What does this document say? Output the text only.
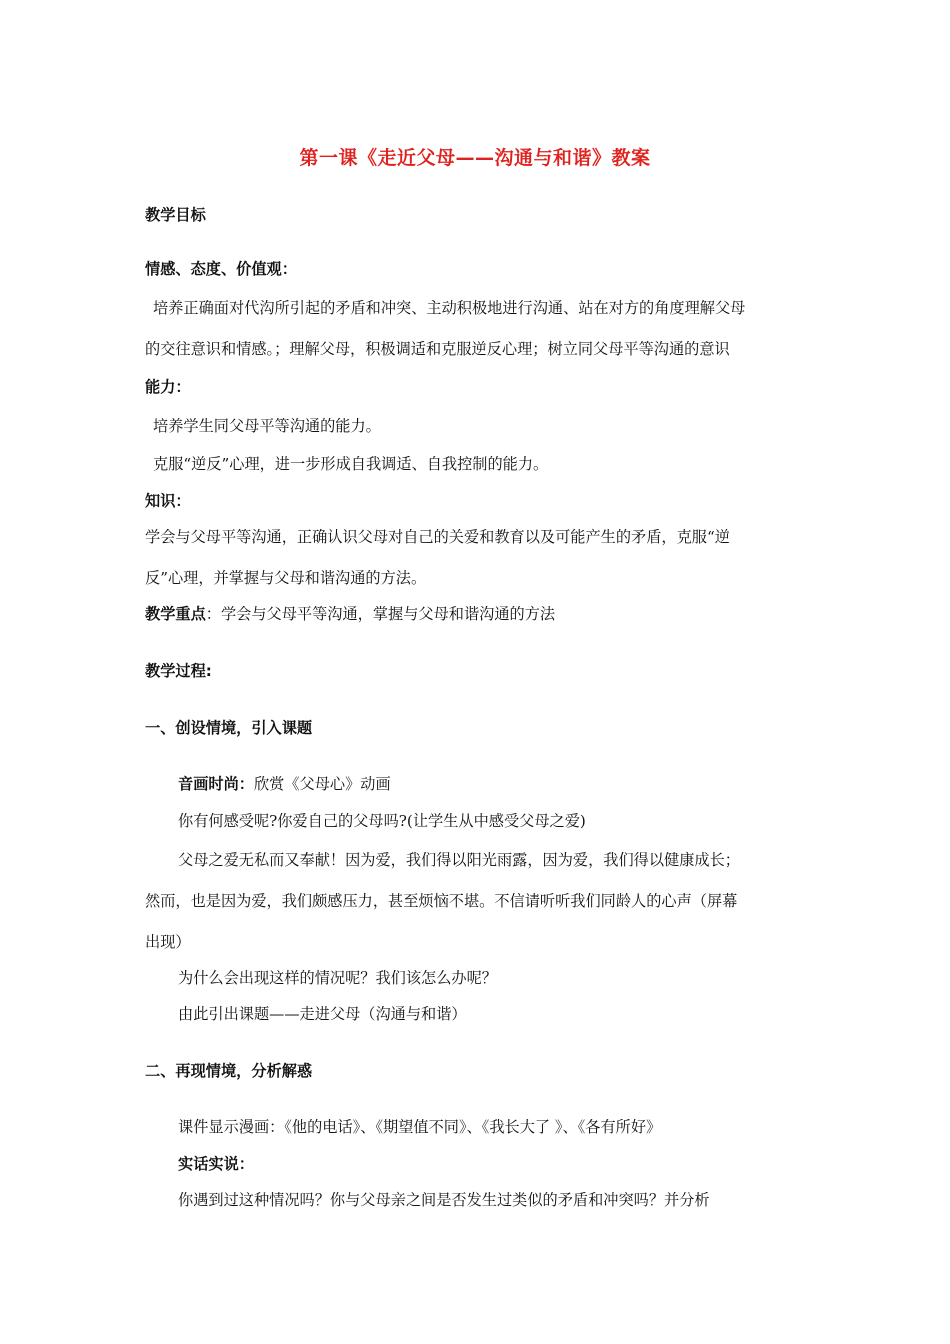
第一课《走近父母——沟通与和谐》教案
教学目标
情感、态度、价值观：
培养正确面对代沟所引起的矛盾和冲突、主动积极地进行沟通、站在对方的角度理解父母
的交往意识和情感。；理解父母，积极调适和克服逆反心理；树立同父母平等沟通的意识
能力：
培养学生同父母平等沟通的能力。
克服“逆反”心理，进一步形成自我调适、自我控制的能力。
知识：
学会与父母平等沟通，正确认识父母对自己的关爱和教育以及可能产生的矛盾，克服“逆
反”心理，并掌握与父母和谐沟通的方法。
教学重点：学会与父母平等沟通，掌握与父母和谐沟通的方法
教学过程:
一、创设情境，引入课题
音画时尚：欣赏《父母心》动画
你有何感受呢?你爱自己的父母吗?(让学生从中感受父母之爱)
父母之爱无私而又奉献！因为爱，我们得以阳光雨露，因为爱，我们得以健康成长；
然而，也是因为爱，我们颇感压力，甚至烦恼不堪。不信请听听我们同龄人的心声（屏幕
出现）
为什么会出现这样的情况呢？我们该怎么办呢？
由此引出课题——走进父母（沟通与和谐）
二、再现情境，分析解惑
课件显示漫画：《他的电话》、《期望值不同》、《我长大了 》、《各有所好》
实话实说：
你遇到过这种情况吗？你与父母亲之间是否发生过类似的矛盾和冲突吗？并分析
